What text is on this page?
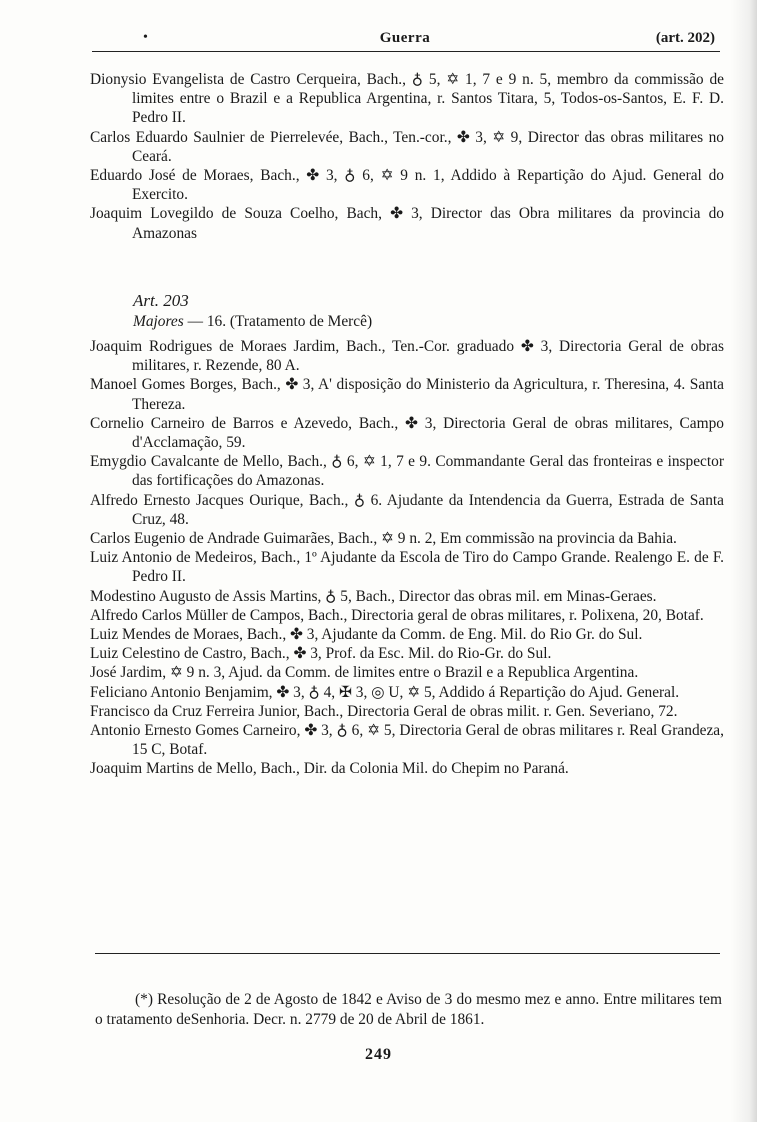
•	Guerra	(art. 202)

Dionysio Evangelista de Castro Cerqueira, Bach., ♁ 5, ✡ 1, 7 e 9 n. 5, membro da commissão de limites entre o Brazil e a Republica Argentina, r. Santos Titara, 5, Todos-os-Santos, E. F. D. Pedro II.

Carlos Eduardo Saulnier de Pierrelevée, Bach., Ten.-cor., ✤ 3, ✡ 9, Director das obras militares no Ceará.

Eduardo José de Moraes, Bach., ✤ 3, ♁ 6, ✡ 9 n. 1, Addido à Repartição do Ajud. General do Exercito.

Joaquim Lovegildo de Souza Coelho, Bach, ✤ 3, Director das Obra militares da provincia do Amazonas

Art. 203
Majores — 16. (Tratamento de Mercê)

Joaquim Rodrigues de Moraes Jardim, Bach., Ten.-Cor. graduado ✤ 3, Directoria Geral de obras militares, r. Rezende, 80 A.

Manoel Gomes Borges, Bach., ✤ 3, A' disposição do Ministerio da Agricultura, r. Theresina, 4. Santa Thereza.

Cornelio Carneiro de Barros e Azevedo, Bach., ✤ 3, Directoria Geral de obras militares, Campo d'Acclamação, 59.

Emygdio Cavalcante de Mello, Bach., ♁ 6, ✡ 1, 7 e 9. Commandante Geral das fronteiras e inspector das fortificações do Amazonas.

Alfredo Ernesto Jacques Ourique, Bach., ♁ 6. Ajudante da Intendencia da Guerra, Estrada de Santa Cruz, 48.

Carlos Eugenio de Andrade Guimarães, Bach., ✡ 9 n. 2, Em commissão na provincia da Bahia.

Luiz Antonio de Medeiros, Bach., 1º Ajudante da Escola de Tiro do Campo Grande. Realengo E. de F. Pedro II.

Modestino Augusto de Assis Martins, ♁ 5, Bach., Director das obras mil. em Minas-Geraes.

Alfredo Carlos Müller de Campos, Bach., Directoria geral de obras militares, r. Polixena, 20, Botaf.

Luiz Mendes de Moraes, Bach., ✤ 3, Ajudante da Comm. de Eng. Mil. do Rio Gr. do Sul.

Luiz Celestino de Castro, Bach., ✤ 3, Prof. da Esc. Mil. do Rio-Gr. do Sul.

José Jardim, ✡ 9 n. 3, Ajud. da Comm. de limites entre o Brazil e a Republica Argentina.

Feliciano Antonio Benjamim, ✤ 3, ♁ 4, ✠ 3, ◎ U, ✡ 5, Addido á Repartição do Ajud. General.

Francisco da Cruz Ferreira Junior, Bach., Directoria Geral de obras milit. r. Gen. Severiano, 72.

Antonio Ernesto Gomes Carneiro, ✤ 3, ♁ 6, ✡ 5, Directoria Geral de obras militares r. Real Grandeza, 15 C, Botaf.

Joaquim Martins de Mello, Bach., Dir. da Colonia Mil. do Chepim no Paraná.

(*) Resolução de 2 de Agosto de 1842 e Aviso de 3 do mesmo mez e anno. Entre militares tem o tratamento deSenhoria. Decr. n. 2779 de 20 de Abril de 1861.
249
